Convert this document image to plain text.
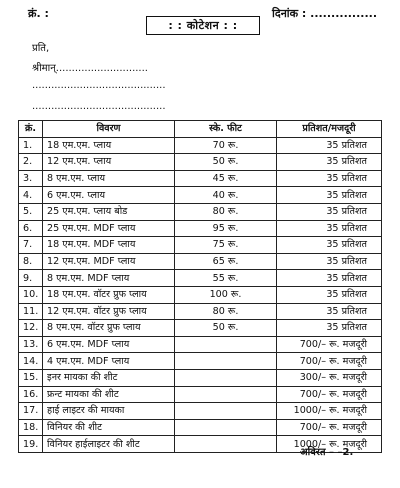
क्रं. :	दिनांक : ................
: : कोटेशन : :
प्रति,
श्रीमान्.............................
..........................................
..........................................
क्रं.	विवरण	स्के. फीट	प्रतिशत/मजदूरी
1.	18 एम.एम. प्लाय	70 रू.	35 प्रतिशत
2.	12 एम.एम. प्लाय	50 रू.	35 प्रतिशत
3.	8 एम.एम. प्लाय	45 रू.	35 प्रतिशत
4.	6 एम.एम. प्लाय	40 रू.	35 प्रतिशत
5.	25 एम.एम. प्लाय बोड	80 रू.	35 प्रतिशत
6.	25 एम.एम. MDF प्लाय	95 रू.	35 प्रतिशत
7.	18 एम.एम. MDF प्लाय	75 रू.	35 प्रतिशत
8.	12 एम.एम. MDF प्लाय	65 रू.	35 प्रतिशत
9.	8 एम.एम. MDF प्लाय	55 रू.	35 प्रतिशत
10.	18 एम.एम. वॉटर प्रुफ प्लाय	100 रू.	35 प्रतिशत
11.	12 एम.एम. वॉटर प्रुफ प्लाय	80 रू.	35 प्रतिशत
12.	8 एम.एम. वॉटर प्रुफ प्लाय	50 रू.	35 प्रतिशत
13.	6 एम.एम. MDF प्लाय		700/– रू. मजदूरी
14.	4 एम.एम. MDF प्लाय		700/– रू. मजदूरी
15.	इनर मायका की शीट		300/– रू. मजदूरी
16.	फ्रन्ट मायका की शीट		700/– रू. मजदूरी
17.	हाई लाइटर की मायका		1000/– रू. मजदूरी
18.	विनियर की शीट		700/– रू. मजदूरी
19.	विनियर हाईलाइटर की शीट		1000/– रू. मजदूरी
अविरत – –2.
